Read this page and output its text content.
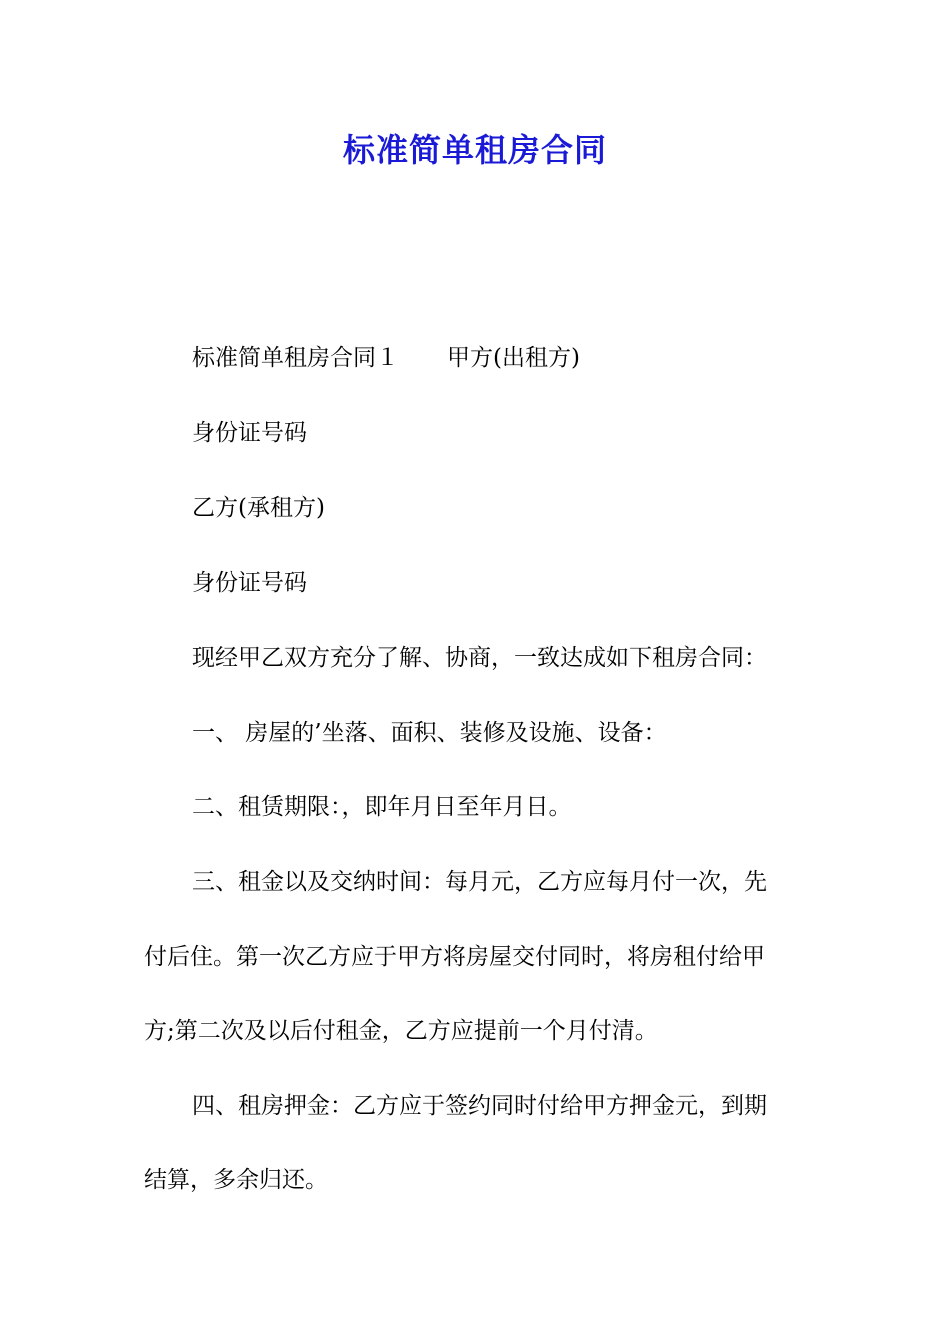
标准简单租房合同
标准简单租房合同１ 甲方(出租方)
身份证号码
乙方(承租方)
身份证号码
现经甲乙双方充分了解、协商，一致达成如下租房合同：
一、 房屋的’坐落、面积、装修及设施、设备：
二、租赁期限：，即年月日至年月日。
三、租金以及交纳时间：每月元，乙方应每月付一次，先
付后住。第一次乙方应于甲方将房屋交付同时，将房租付给甲
方;第二次及以后付租金，乙方应提前一个月付清。
四、租房押金：乙方应于签约同时付给甲方押金元，到期
结算，多余归还。
